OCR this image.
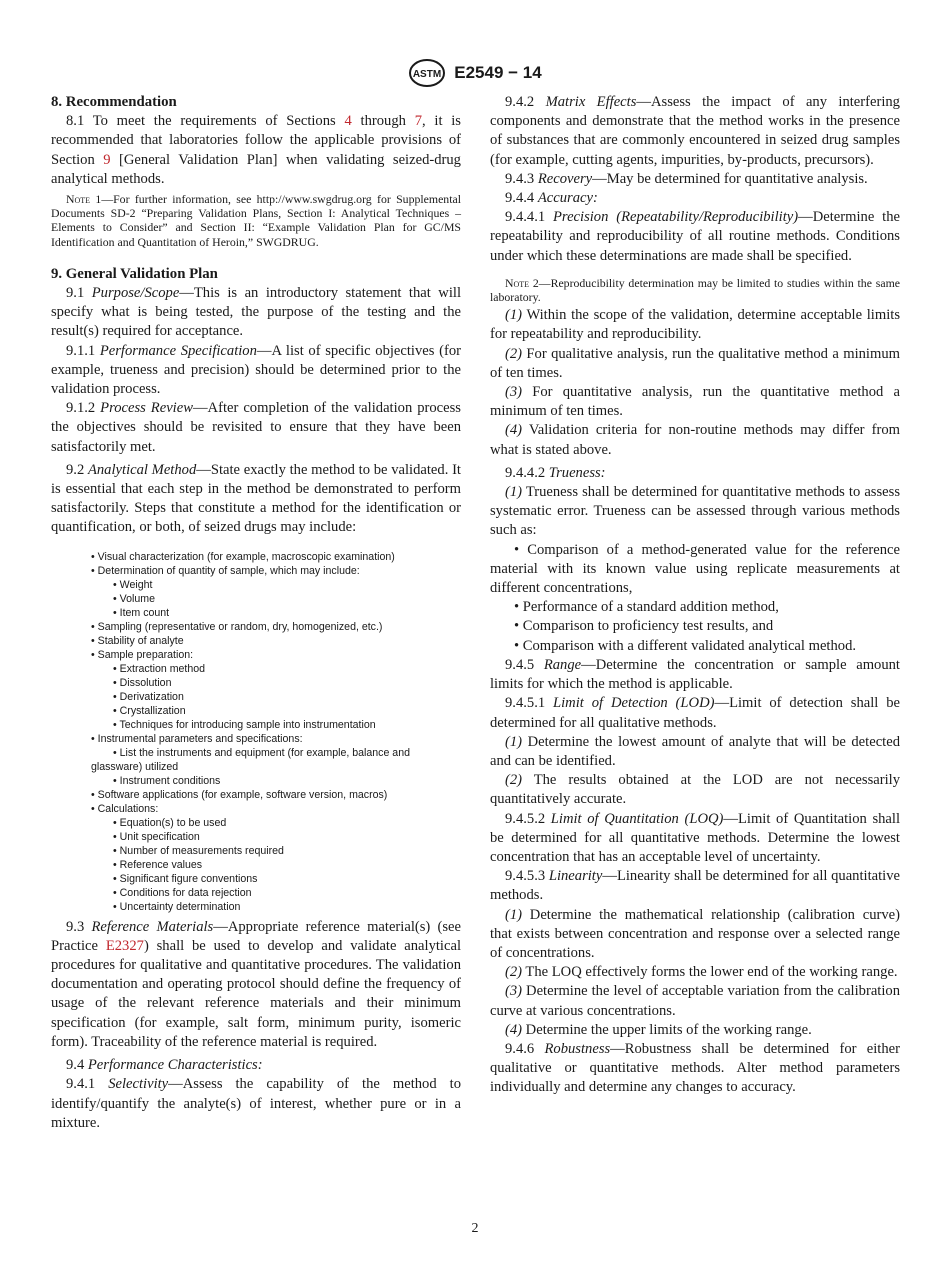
ASTM E2549 − 14

8. Recommendation

8.1 To meet the requirements of Sections 4 through 7, it is recommended that laboratories follow the applicable provisions of Section 9 [General Validation Plan] when validating seized-drug analytical methods.

Note 1—For further information, see http://www.swgdrug.org for Supplemental Documents SD-2 “Preparing Validation Plans, Section I: Analytical Techniques – Elements to Consider” and Section II: “Example Validation Plan for GC/MS Identification and Quantitation of Heroin,” SWGDRUG.

9. General Validation Plan

9.1 Purpose/Scope—This is an introductory statement that will specify what is being tested, the purpose of the testing and the result(s) required for acceptance.

9.1.1 Performance Specification—A list of specific objectives (for example, trueness and precision) should be determined prior to the validation process.

9.1.2 Process Review—After completion of the validation process the objectives should be revisited to ensure that they have been satisfactorily met.

9.2 Analytical Method—State exactly the method to be validated. It is essential that each step in the method be demonstrated to perform satisfactorily. Steps that constitute a method for the identification or quantification, or both, of seized drugs may include:

• Visual characterization (for example, macroscopic examination)
• Determination of quantity of sample, which may include:
• Weight
• Volume
• Item count
• Sampling (representative or random, dry, homogenized, etc.)
• Stability of analyte
• Sample preparation:
• Extraction method
• Dissolution
• Derivatization
• Crystallization
• Techniques for introducing sample into instrumentation
• Instrumental parameters and specifications:
• List the instruments and equipment (for example, balance and glassware) utilized
• Instrument conditions
• Software applications (for example, software version, macros)
• Calculations:
• Equation(s) to be used
• Unit specification
• Number of measurements required
• Reference values
• Significant figure conventions
• Conditions for data rejection
• Uncertainty determination

9.3 Reference Materials—Appropriate reference material(s) (see Practice E2327) shall be used to develop and validate analytical procedures for qualitative and quantitative procedures. The validation documentation and operating protocol should define the frequency of usage of the relevant reference materials and their minimum specification (for example, salt form, minimum purity, isomeric form). Traceability of the reference material is required.

9.4 Performance Characteristics:

9.4.1 Selectivity—Assess the capability of the method to identify/quantify the analyte(s) of interest, whether pure or in a mixture.

9.4.2 Matrix Effects—Assess the impact of any interfering components and demonstrate that the method works in the presence of substances that are commonly encountered in seized drug samples (for example, cutting agents, impurities, by-products, precursors).

9.4.3 Recovery—May be determined for quantitative analysis.

9.4.4 Accuracy:

9.4.4.1 Precision (Repeatability/Reproducibility)—Determine the repeatability and reproducibility of all routine methods. Conditions under which these determinations are made shall be specified.

Note 2—Reproducibility determination may be limited to studies within the same laboratory.

(1) Within the scope of the validation, determine acceptable limits for repeatability and reproducibility.

(2) For qualitative analysis, run the qualitative method a minimum of ten times.

(3) For quantitative analysis, run the quantitative method a minimum of ten times.

(4) Validation criteria for non-routine methods may differ from what is stated above.

9.4.4.2 Trueness:

(1) Trueness shall be determined for quantitative methods to assess systematic error. Trueness can be assessed through various methods such as:

• Comparison of a method-generated value for the reference material with its known value using replicate measurements at different concentrations,

• Performance of a standard addition method,

• Comparison to proficiency test results, and

• Comparison with a different validated analytical method.

9.4.5 Range—Determine the concentration or sample amount limits for which the method is applicable.

9.4.5.1 Limit of Detection (LOD)—Limit of detection shall be determined for all qualitative methods.

(1) Determine the lowest amount of analyte that will be detected and can be identified.

(2) The results obtained at the LOD are not necessarily quantitatively accurate.

9.4.5.2 Limit of Quantitation (LOQ)—Limit of Quantitation shall be determined for all quantitative methods. Determine the lowest concentration that has an acceptable level of uncertainty.

9.4.5.3 Linearity—Linearity shall be determined for all quantitative methods.

(1) Determine the mathematical relationship (calibration curve) that exists between concentration and response over a selected range of concentrations.

(2) The LOQ effectively forms the lower end of the working range.

(3) Determine the level of acceptable variation from the calibration curve at various concentrations.

(4) Determine the upper limits of the working range.

9.4.6 Robustness—Robustness shall be determined for either qualitative or quantitative methods. Alter method parameters individually and determine any changes to accuracy.

2
